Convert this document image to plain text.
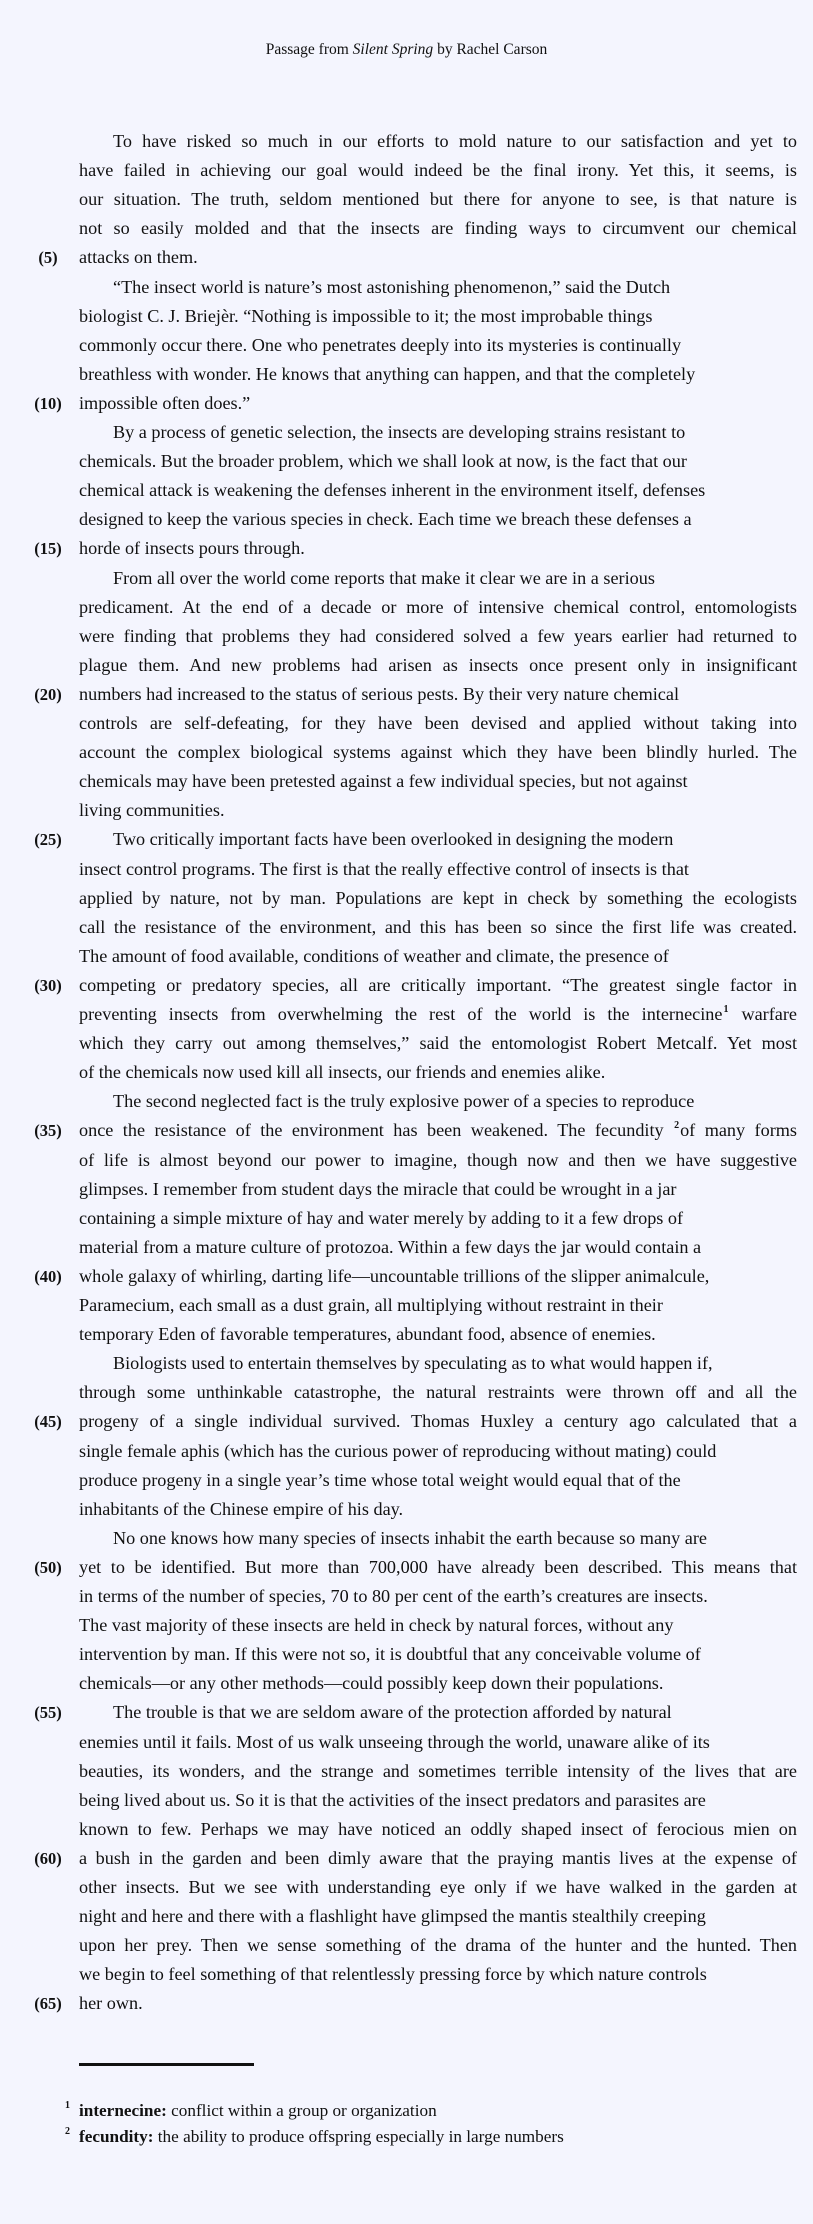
Passage from Silent Spring by Rachel Carson
To have risked so much in our efforts to mold nature to our satisfaction and yet to
have failed in achieving our goal would indeed be the final irony. Yet this, it seems, is
our situation. The truth, seldom mentioned but there for anyone to see, is that nature is
not so easily molded and that the insects are finding ways to circumvent our chemical
attacks on them.
(5)
“The insect world is nature’s most astonishing phenomenon,” said the Dutch
biologist C. J. Briejèr. “Nothing is impossible to it; the most improbable things
commonly occur there. One who penetrates deeply into its mysteries is continually
breathless with wonder. He knows that anything can happen, and that the completely
impossible often does.”
(10)
By a process of genetic selection, the insects are developing strains resistant to
chemicals. But the broader problem, which we shall look at now, is the fact that our
chemical attack is weakening the defenses inherent in the environment itself, defenses
designed to keep the various species in check. Each time we breach these defenses a
horde of insects pours through.
(15)
From all over the world come reports that make it clear we are in a serious
predicament. At the end of a decade or more of intensive chemical control, entomologists
were finding that problems they had considered solved a few years earlier had returned to
plague them. And new problems had arisen as insects once present only in insignificant
numbers had increased to the status of serious pests. By their very nature chemical
(20)
controls are self-defeating, for they have been devised and applied without taking into
account the complex biological systems against which they have been blindly hurled. The
chemicals may have been pretested against a few individual species, but not against
living communities.
Two critically important facts have been overlooked in designing the modern
(25)
insect control programs. The first is that the really effective control of insects is that
applied by nature, not by man. Populations are kept in check by something the ecologists
call the resistance of the environment, and this has been so since the first life was created.
The amount of food available, conditions of weather and climate, the presence of
competing or predatory species, all are critically important. “The greatest single factor in
(30)
preventing insects from overwhelming the rest of the world is the internecine$^1$ warfare
which they carry out among themselves,” said the entomologist Robert Metcalf. Yet most
of the chemicals now used kill all insects, our friends and enemies alike.
The second neglected fact is the truly explosive power of a species to reproduce
once the resistance of the environment has been weakened. The fecundity $^2$of many forms
(35)
of life is almost beyond our power to imagine, though now and then we have suggestive
glimpses. I remember from student days the miracle that could be wrought in a jar
containing a simple mixture of hay and water merely by adding to it a few drops of
material from a mature culture of protozoa. Within a few days the jar would contain a
whole galaxy of whirling, darting life—uncountable trillions of the slipper animalcule,
(40)
Paramecium, each small as a dust grain, all multiplying without restraint in their
temporary Eden of favorable temperatures, abundant food, absence of enemies.
Biologists used to entertain themselves by speculating as to what would happen if,
through some unthinkable catastrophe, the natural restraints were thrown off and all the
progeny of a single individual survived. Thomas Huxley a century ago calculated that a
(45)
single female aphis (which has the curious power of reproducing without mating) could
produce progeny in a single year’s time whose total weight would equal that of the
inhabitants of the Chinese empire of his day.
No one knows how many species of insects inhabit the earth because so many are
yet to be identified. But more than 700,000 have already been described. This means that
(50)
in terms of the number of species, 70 to 80 per cent of the earth’s creatures are insects.
The vast majority of these insects are held in check by natural forces, without any
intervention by man. If this were not so, it is doubtful that any conceivable volume of
chemicals—or any other methods—could possibly keep down their populations.
The trouble is that we are seldom aware of the protection afforded by natural
(55)
enemies until it fails. Most of us walk unseeing through the world, unaware alike of its
beauties, its wonders, and the strange and sometimes terrible intensity of the lives that are
being lived about us. So it is that the activities of the insect predators and parasites are
known to few. Perhaps we may have noticed an oddly shaped insect of ferocious mien on
a bush in the garden and been dimly aware that the praying mantis lives at the expense of
(60)
other insects. But we see with understanding eye only if we have walked in the garden at
night and here and there with a flashlight have glimpsed the mantis stealthily creeping
upon her prey. Then we sense something of the drama of the hunter and the hunted. Then
we begin to feel something of that relentlessly pressing force by which nature controls
her own.
(65)
1 internecine: conflict within a group or organization
2 fecundity: the ability to produce offspring especially in large numbers
